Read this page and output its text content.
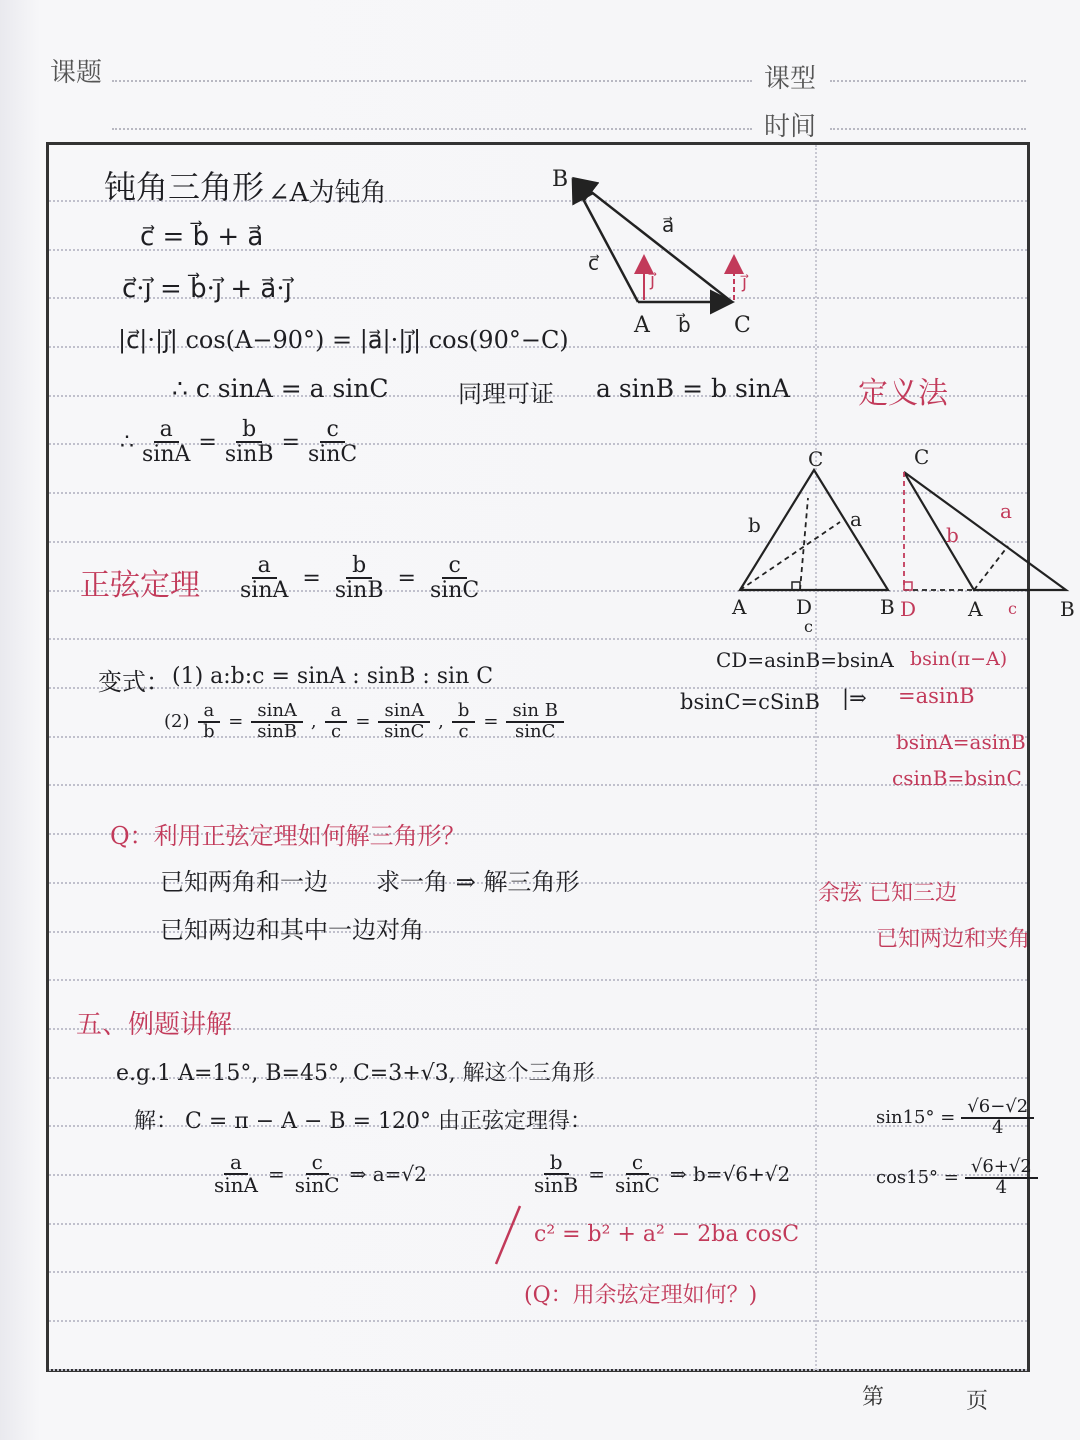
课题	课型
时间
钝角三角形 ∠A为钝角
c⃗ = b⃗ + a⃗
c⃗·j⃗ = b⃗·j⃗ + a⃗·j⃗
|c⃗|·|j⃗| cos(A−90°) = |a⃗|·|j⃗| cos(90°−C)
∴ c sinA = a sinC	同理可证 a sinB = b sinA
∴ $\frac{a}{\sin A} = \frac{b}{\sin B} = \frac{c}{\sin C}$
正弦定理 $\frac{a}{\sin A} = \frac{b}{\sin B} = \frac{c}{\sin C}$
变式： (1) a:b:c = sinA : sinB : sin C
$(2) \frac{a}{b} = \frac{\sin A}{\sin B}$ , $\frac{a}{c} = \frac{\sin A}{\sin C}$ , $\frac{b}{c} = \frac{\text{sin B}}{\sin C}$
Q：利用正弦定理如何解三角形？
已知两角和一边 求一角 ⇒ 解三角形
已知两边和其中一边对角
五、例题讲解
e.g.1 A=15°, B=45°, C=3+√3, 解这个三角形
解： C = π − A − B = 120° 由正弦定理得：
$\frac{a}{\sin A} = \frac{c}{\sin C}$ ⇒ a=√2	$\frac{b}{\sin B} = \frac{c}{\sin C}$ ⇒ b=√6+√2
c² = b² + a² − 2ba cosC
(Q：用余弦定理如何？)
B
A	C
a⃗
b⃗
c⃗
j⃗	j⃗
定义法
C
A D	B
b	a
c
C
D	A	B
b
a
c
CD=asinB=bsinA bsin(π−A)
bsinC=cSinB |⇒ =asinB
bsinA=asinB
csinB=bsinC
余弦 已知三边
已知两边和夹角
$\sin 15^\circ = \frac{√6-√2}{4}$
$\cos 15^\circ = \frac{√6+√2}{4}$
第	页
